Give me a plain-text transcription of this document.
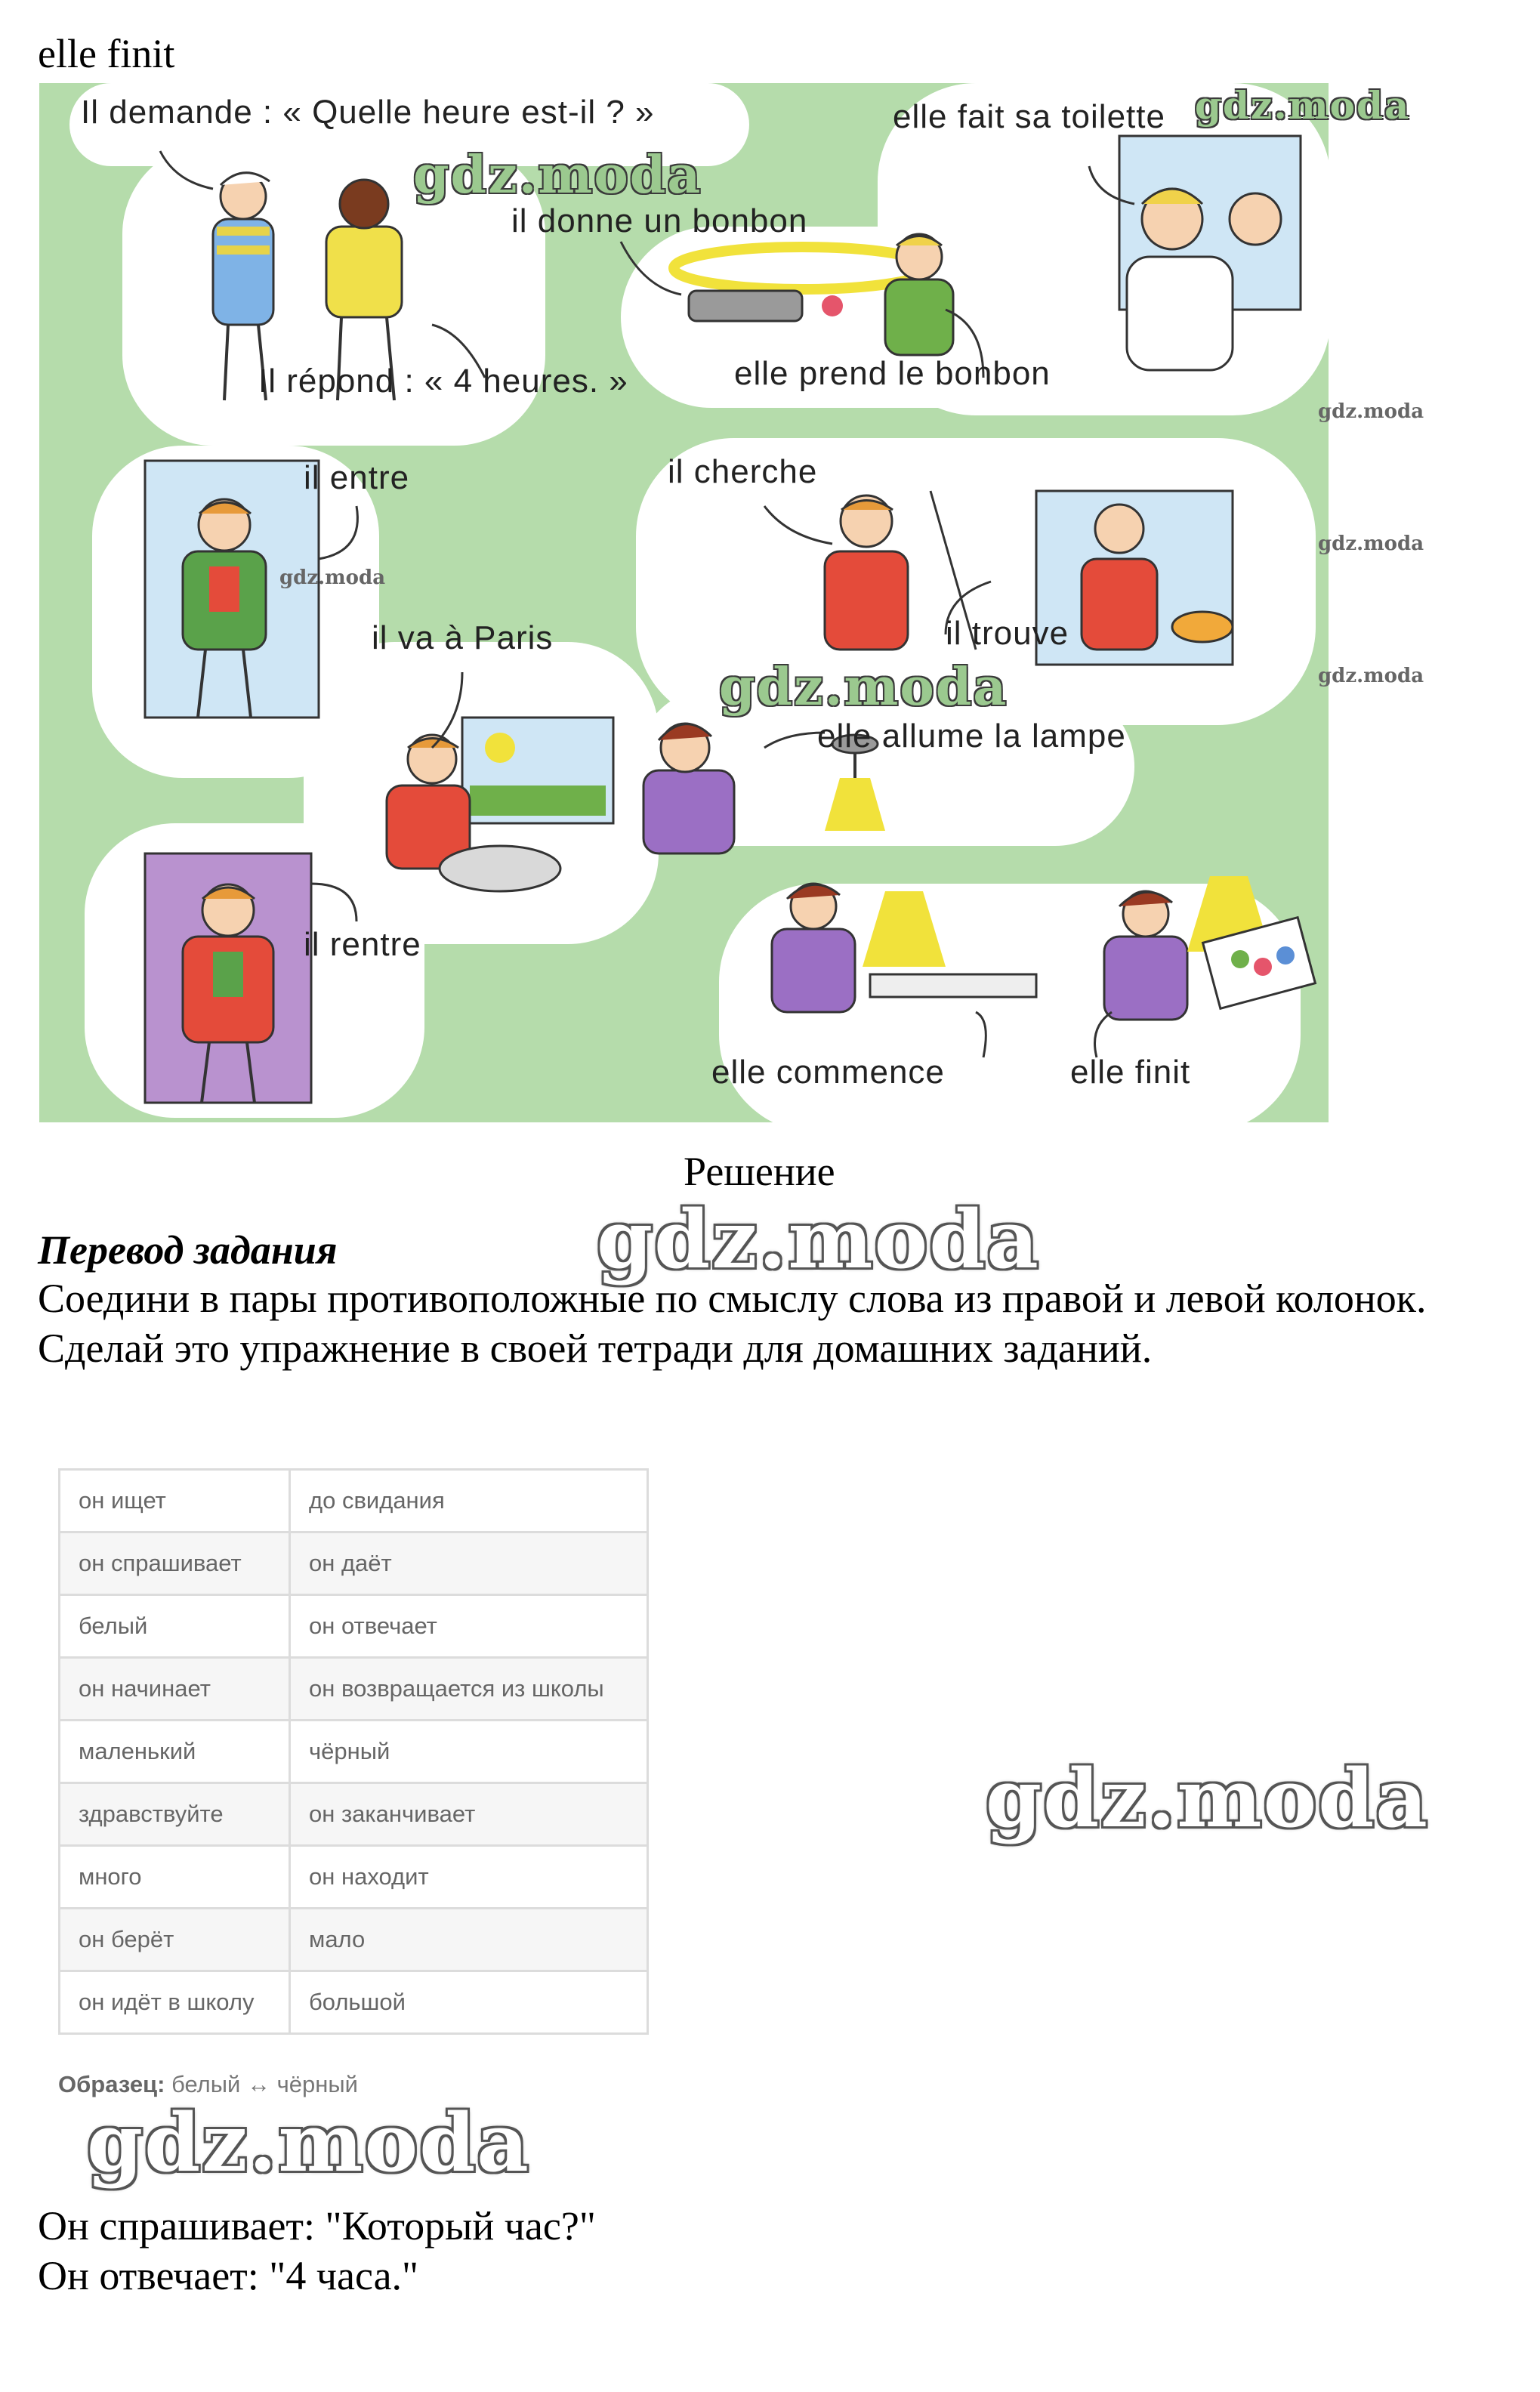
elle finit
Il demande : « Quelle heure est-il ? »	elle fait sa toilette
il donne un bonbon
Il répond : « 4 heures. »	elle prend le bonbon
il entre	il cherche
il trouve
il va à Paris
elle allume la lampe
il rentre
elle commence	elle finit
gdz.moda
gdz.moda
gdz.moda
gdz.moda
gdz.moda
gdz.moda
gdz.moda
Решение
gdz.moda
Перевод задания
Соедини в пары противоположные по смыслу слова из правой и левой колонок. Сделай это упражнение в своей тетради для домашних заданий.
он ищет	до свидания
он спрашивает	он даёт
белый	он отвечает
он начинает	он возвращается из школы
маленький	чёрный
здравствуйте	он заканчивает
много	он находит
он берёт	мало
он идёт в школу	большой
Образец: белый ↔ чёрный
gdz.moda
gdz.moda
Он спрашивает: "Который час?"
Он отвечает: "4 часа."
